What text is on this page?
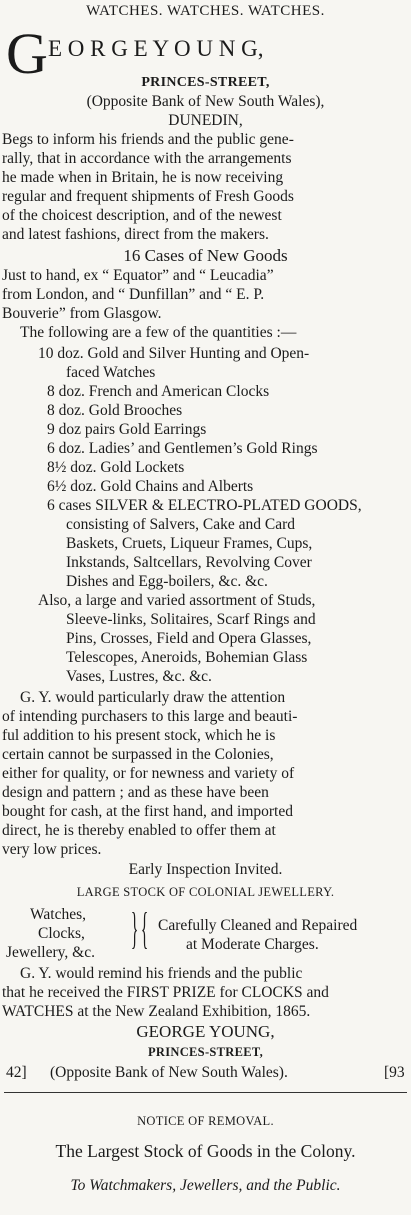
WATCHES. WATCHES. WATCHES.
G E O R G E Y O U N G,
PRINCES-STREET,
(Opposite Bank of New South Wales),
DUNEDIN,
Begs to inform his friends and the public gene-
rally, that in accordance with the arrangements
he made when in Britain, he is now receiving
regular and frequent shipments of Fresh Goods
of the choicest description, and of the newest
and latest fashions, direct from the makers.
16 Cases of New Goods
Just to hand, ex “ Equator” and “ Leucadia”
from London, and “ Dunfillan” and “ E. P.
Bouverie” from Glasgow.
The following are a few of the quantities :—
10 doz. Gold and Silver Hunting and Open-
faced Watches
8 doz. French and American Clocks
8 doz. Gold Brooches
9 doz pairs Gold Earrings
6 doz. Ladies’ and Gentlemen’s Gold Rings
8½ doz. Gold Lockets
6½ doz. Gold Chains and Alberts
6 cases SILVER & ELECTRO-PLATED GOODS,
consisting of Salvers, Cake and Card
Baskets, Cruets, Liqueur Frames, Cups,
Inkstands, Saltcellars, Revolving Cover
Dishes and Egg-boilers, &c. &c.
Also, a large and varied assortment of Studs,
Sleeve-links, Solitaires, Scarf Rings and
Pins, Crosses, Field and Opera Glasses,
Telescopes, Aneroids, Bohemian Glass
Vases, Lustres, &c. &c.
G. Y. would particularly draw the attention
of intending purchasers to this large and beauti-
ful addition to his present stock, which he is
certain cannot be surpassed in the Colonies,
either for quality, or for newness and variety of
design and pattern ; and as these have been
bought for cash, at the first hand, and imported
direct, he is thereby enabled to offer them at
very low prices.
Early Inspection Invited.
LARGE STOCK OF COLONIAL JEWELLERY.
Watches,
Clocks,
Jewellery, &c. } { Carefully Cleaned and Repaired
at Moderate Charges.
G. Y. would remind his friends and the public
that he received the FIRST PRIZE for CLOCKS and
WATCHES at the New Zealand Exhibition, 1865.
GEORGE YOUNG,
PRINCES-STREET,
42] (Opposite Bank of New South Wales).	[93
NOTICE OF REMOVAL.
The Largest Stock of Goods in the Colony.
To Watchmakers, Jewellers, and the Public.
